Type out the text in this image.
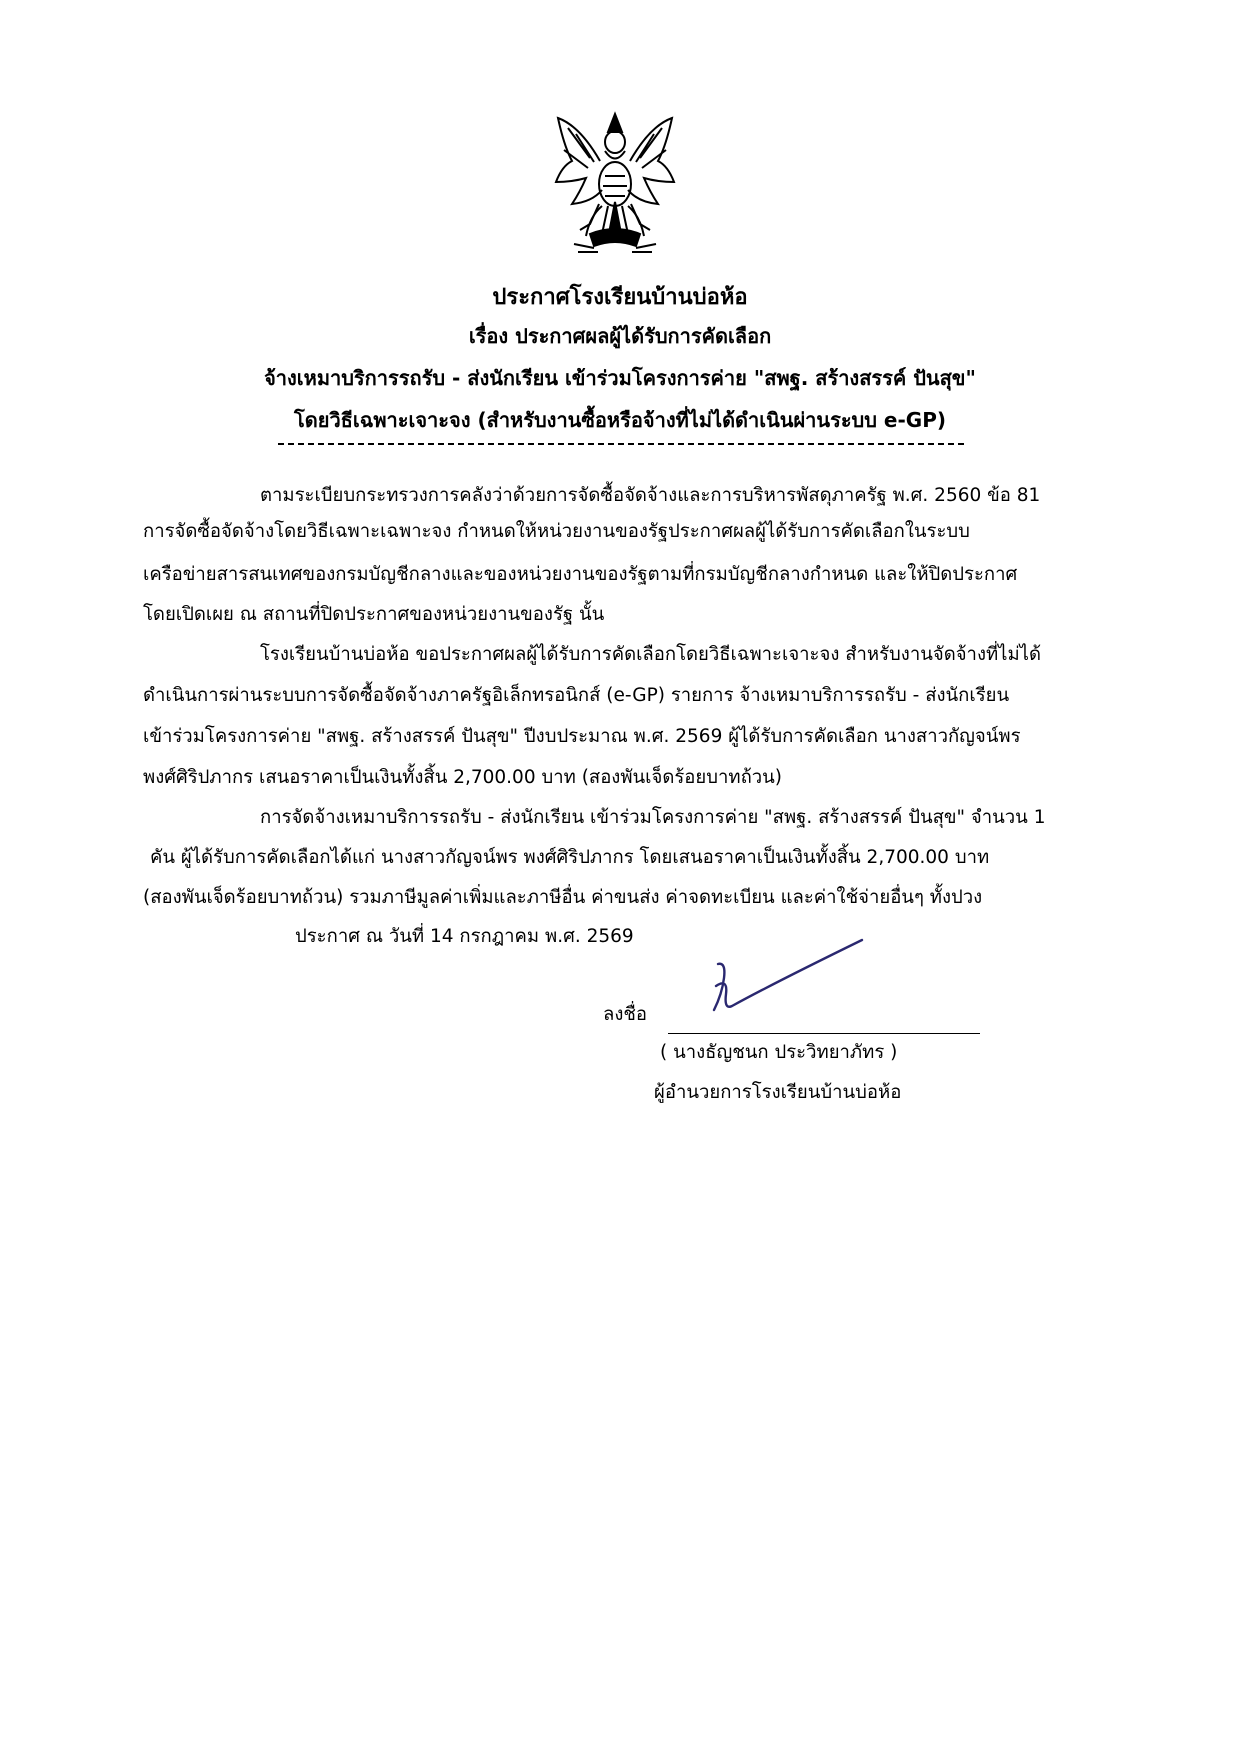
ประกาศโรงเรียนบ้านบ่อห้อ
เรื่อง ประกาศผลผู้ได้รับการคัดเลือก
จ้างเหมาบริการรถรับ - ส่งนักเรียน เข้าร่วมโครงการค่าย "สพฐ. สร้างสรรค์ ปันสุข"
โดยวิธีเฉพาะเจาะจง (สำหรับงานซื้อหรือจ้างที่ไม่ได้ดำเนินผ่านระบบ e-GP)
ตามระเบียบกระทรวงการคลังว่าด้วยการจัดซื้อจัดจ้างและการบริหารพัสดุภาครัฐ พ.ศ. 2560 ข้อ 81
การจัดซื้อจัดจ้างโดยวิธีเฉพาะเฉพาะจง กำหนดให้หน่วยงานของรัฐประกาศผลผู้ได้รับการคัดเลือกในระบบ
เครือข่ายสารสนเทศของกรมบัญชีกลางและของหน่วยงานของรัฐตามที่กรมบัญชีกลางกำหนด และให้ปิดประกาศ
โดยเปิดเผย ณ สถานที่ปิดประกาศของหน่วยงานของรัฐ นั้น
โรงเรียนบ้านบ่อห้อ ขอประกาศผลผู้ได้รับการคัดเลือกโดยวิธีเฉพาะเจาะจง สำหรับงานจัดจ้างที่ไม่ได้
ดำเนินการผ่านระบบการจัดซื้อจัดจ้างภาครัฐอิเล็กทรอนิกส์ (e-GP) รายการ จ้างเหมาบริการรถรับ - ส่งนักเรียน
เข้าร่วมโครงการค่าย "สพฐ. สร้างสรรค์ ปันสุข" ปีงบประมาณ พ.ศ. 2569 ผู้ได้รับการคัดเลือก นางสาวกัญจน์พร
พงศ์ศิริปภากร เสนอราคาเป็นเงินทั้งสิ้น 2,700.00 บาท (สองพันเจ็ดร้อยบาทถ้วน)
การจัดจ้างเหมาบริการรถรับ - ส่งนักเรียน เข้าร่วมโครงการค่าย "สพฐ. สร้างสรรค์ ปันสุข" จำนวน 1
คัน ผู้ได้รับการคัดเลือกได้แก่ นางสาวกัญจน์พร พงศ์ศิริปภากร โดยเสนอราคาเป็นเงินทั้งสิ้น 2,700.00 บาท
(สองพันเจ็ดร้อยบาทถ้วน) รวมภาษีมูลค่าเพิ่มและภาษีอื่น ค่าขนส่ง ค่าจดทะเบียน และค่าใช้จ่ายอื่นๆ ทั้งปวง
ประกาศ ณ วันที่ 14 กรกฎาคม พ.ศ. 2569
ลงชื่อ
( นางธัญชนก ประวิทยาภัทร )
ผู้อำนวยการโรงเรียนบ้านบ่อห้อ
